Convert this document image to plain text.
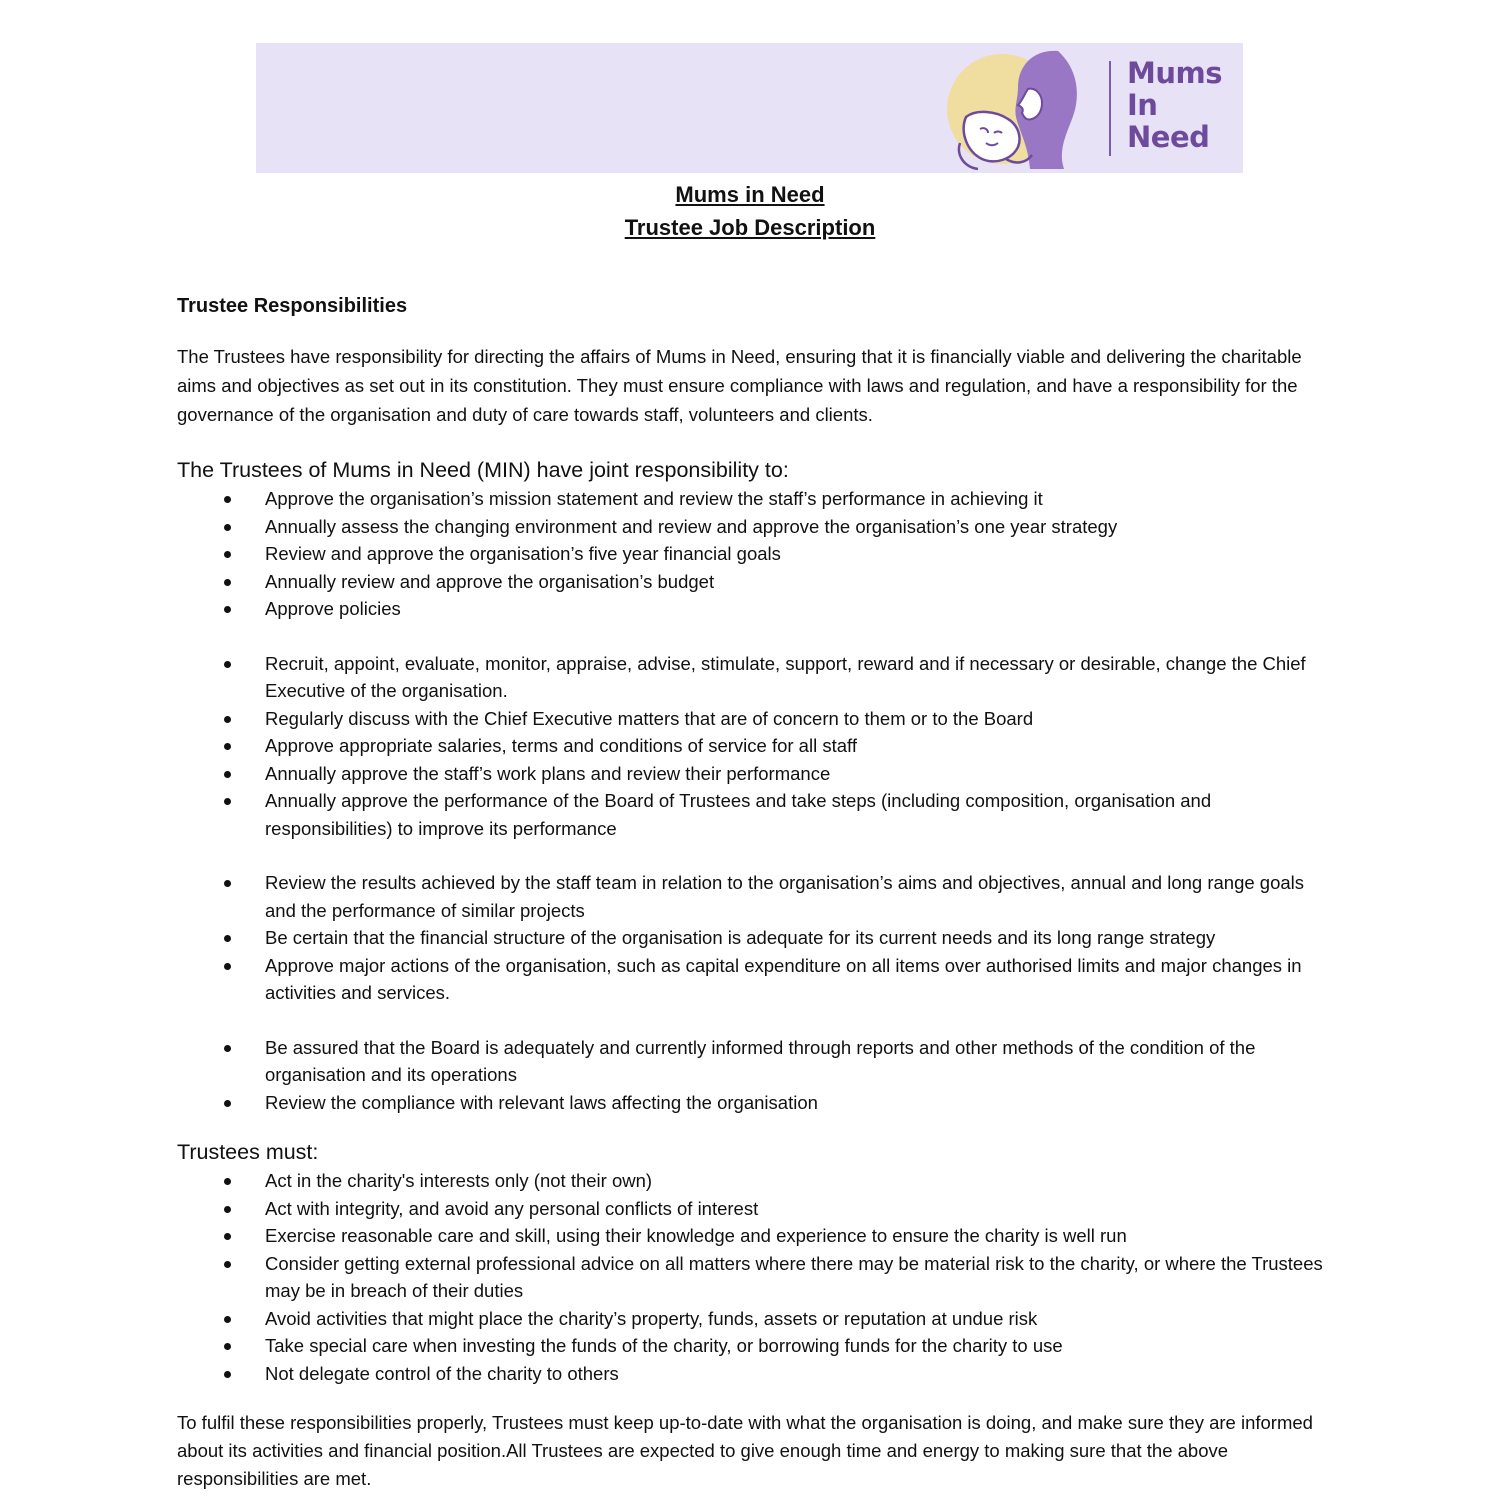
Mums
In
Need
Mums in Need
Trustee Job Description
Trustee Responsibilities

The Trustees have responsibility for directing the affairs of Mums in Need, ensuring that it is financially viable and delivering the charitable aims and objectives as set out in its constitution. They must ensure compliance with laws and regulation, and have a responsibility for the governance of the organisation and duty of care towards staff, volunteers and clients.

The Trustees of Mums in Need (MIN) have joint responsibility to:

Approve the organisation’s mission statement and review the staff’s performance in achieving it
Annually assess the changing environment and review and approve the organisation’s one year strategy
Review and approve the organisation’s five year financial goals
Annually review and approve the organisation’s budget
Approve policies
Recruit, appoint, evaluate, monitor, appraise, advise, stimulate, support, reward and if necessary or desirable, change the Chief Executive of the organisation.
Regularly discuss with the Chief Executive matters that are of concern to them or to the Board
Approve appropriate salaries, terms and conditions of service for all staff
Annually approve the staff’s work plans and review their performance
Annually approve the performance of the Board of Trustees and take steps (including composition, organisation and responsibilities) to improve its performance
Review the results achieved by the staff team in relation to the organisation’s aims and objectives, annual and long range goals and the performance of similar projects
Be certain that the financial structure of the organisation is adequate for its current needs and its long range strategy
Approve major actions of the organisation, such as capital expenditure on all items over authorised limits and major changes in activities and services.
Be assured that the Board is adequately and currently informed through reports and other methods of the condition of the organisation and its operations
Review the compliance with relevant laws affecting the organisation

Trustees must:

Act in the charity's interests only (not their own)
Act with integrity, and avoid any personal conflicts of interest
Exercise reasonable care and skill, using their knowledge and experience to ensure the charity is well run
Consider getting external professional advice on all matters where there may be material risk to the charity, or where the Trustees may be in breach of their duties
Avoid activities that might place the charity’s property, funds, assets or reputation at undue risk
Take special care when investing the funds of the charity, or borrowing funds for the charity to use
Not delegate control of the charity to others

To fulfil these responsibilities properly, Trustees must keep up-to-date with what the organisation is doing, and make sure they are informed about its activities and financial position.All Trustees are expected to give enough time and energy to making sure that the above responsibilities are met.
